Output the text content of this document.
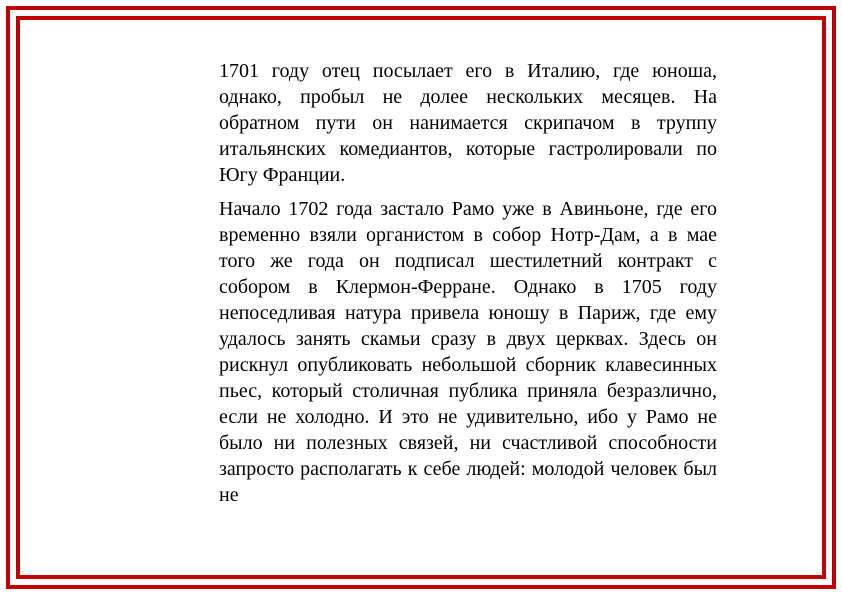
1701 году отец посылает его в Италию, где юноша, однако, пробыл не долее нескольких месяцев. На обратном пути он нанимается скрипачом в труппу итальянских комедиантов, которые гастролировали по Югу Франции.

Начало 1702 года застало Рамо уже в Авиньоне, где его временно взяли органистом в собор Нотр-Дам, а в мае того же года он подписал шестилетний контракт с собором в Клермон-Ферране. Однако в 1705 году непоседливая натура привела юношу в Париж, где ему удалось занять скамьи сразу в двух церквах. Здесь он рискнул опубликовать небольшой сборник клавесинных пьес, который столичная публика приняла безразлично, если не холодно. И это не удивительно, ибо у Рамо не было ни полезных связей, ни счастливой способности запросто располагать к себе людей: молодой человек был не
